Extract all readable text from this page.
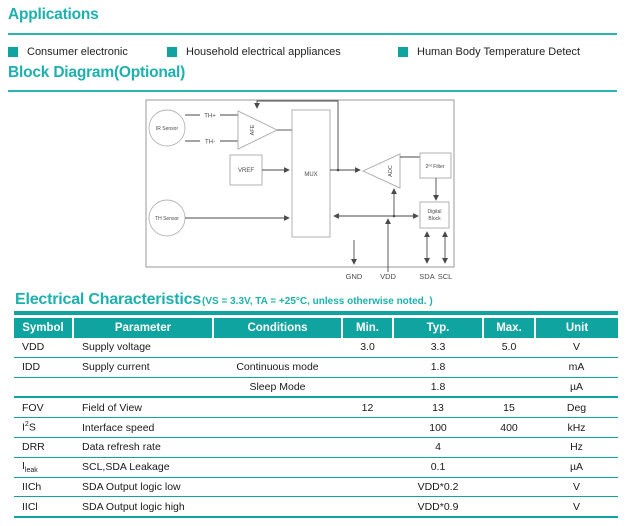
Applications
Consumer electronic	Household electrical appliances	Human Body Temperature Detect
Block Diagram(Optional)
IR Sensor
TH Sensor
TH+
TH-
AFE
VREF
MUX	ADC	2ndFilter
Digital
Block
GND VDD	SDA SCL
Electrical Characteristics (VS = 3.3V, TA = +25°C, unless otherwise noted. )
Symbol	Parameter	Conditions	Min.	Typ.	Max.	Unit
VDD	Supply voltage		3.0	3.3	5.0	V
IDD	Supply current	Continuous mode		1.8		mA
		Sleep Mode		1.8		µA
FOV	Field of View		12	13	15	Deg
$I^2S$	Interface speed			100	400	kHz
DRR	Data refresh rate			4		Hz
$I_{leak}$	SCL,SDA Leakage			0.1		µA
IICh	SDA Output logic low			VDD*0.2		V
IICl	SDA Output logic high			VDD*0.9		V
